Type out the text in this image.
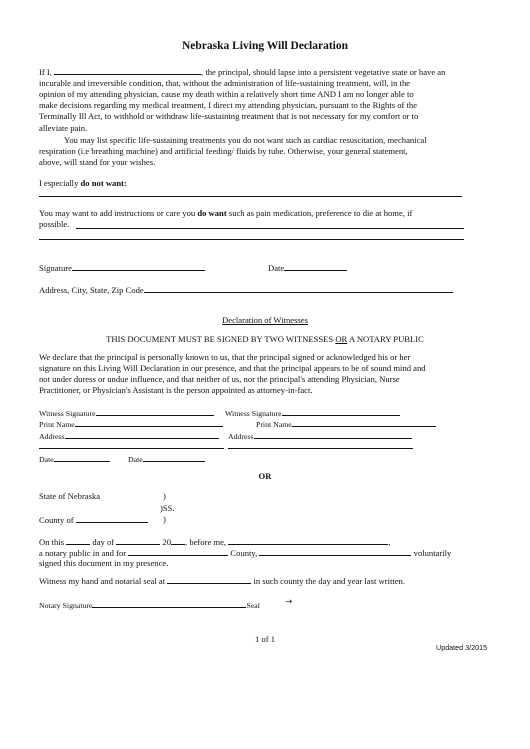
Nebraska Living Will Declaration
If I,	, the principal, should lapse into a persistent vegetative state or have an
incurable and irreversible condition, that, without the administration of life-sustaining treatment, will, in the
opinion of my attending physician, cause my death within a relatively short time AND I am no longer able to
make decisions regarding my medical treatment, I direct my attending physician, pursuant to the Rights of the
Terminally Ill Act, to withhold or withdraw life-sustaining treatment that is not necessary for my comfort or to
alleviate pain.
You may list specific life-sustaining treatments you do not want such as cardiac resuscitation, mechanical
respiration (i.e breathing machine) and artificial feeding/ fluids by tube. Otherwise, your general statement,
above, will stand for your wishes.
I especially do not want:
You may want to add instructions or care you do want such as pain medication, preference to die at home, if
possible.
Signature	Date
Address, City, State, Zip Code
Declaration of Witnesses
THIS DOCUMENT MUST BE SIGNED BY TWO WITNESSES OR A NOTARY PUBLIC
We declare that the principal is personally known to us, that the principal signed or acknowledged his or her
signature on this Living Will Declaration in our presence, and that the principal appears to be of sound mind and
not under duress or undue influence, and that neither of us, nor the principal's attending Physician, Nurse
Practitioner, or Physician's Assistant is the person appointed as attorney-in-fact.
Witness Signature	Witness Signature
Print Name	Print Name
Address	Address
Date	Date
OR
State of Nebraska	)
)SS.
County of	)
On this	day of	20 , before me,	,
a notary public in and for	County,	voluntarily
signed this document in my presence.
Witness my hand and notarial seal at	in such county the day and year last written.
Notary Signature	Seal	→
1 of 1
Updated 3/2015
